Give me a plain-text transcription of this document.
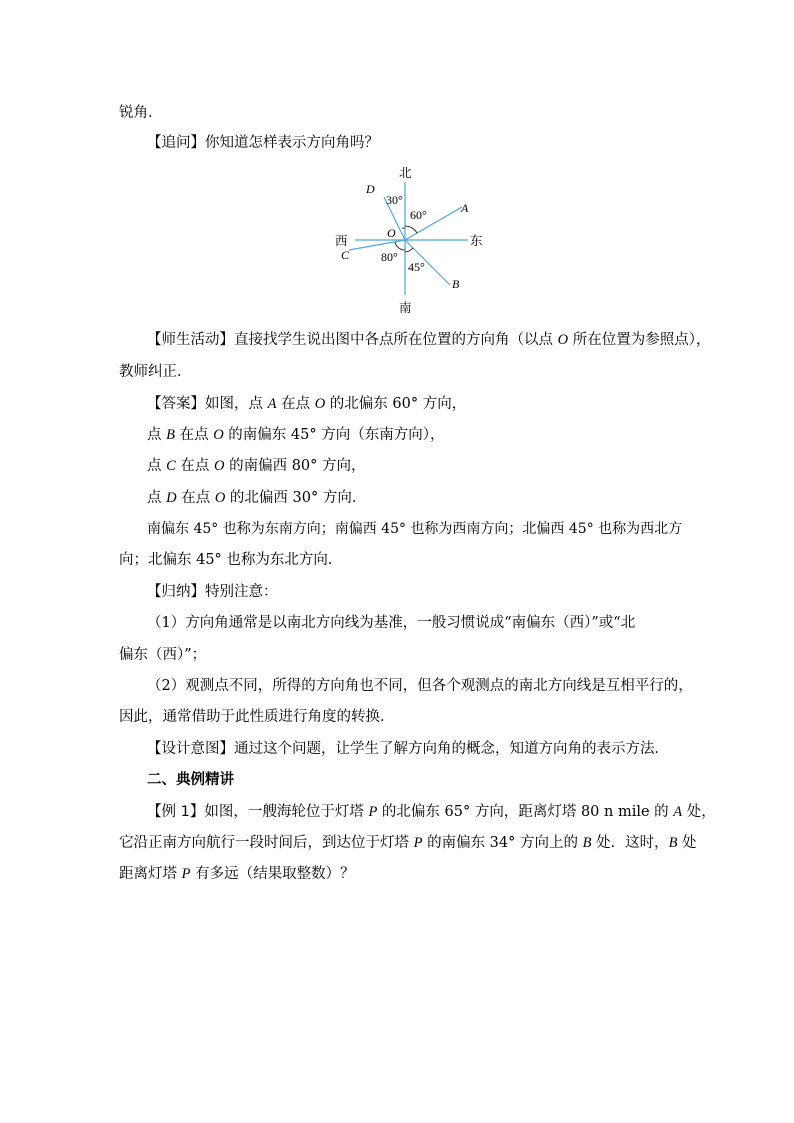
锐角．
【追问】你知道怎样表示方向角吗？
北
南
东
西	O
A
B
C
D
30°
60°
80°
45°
【师生活动】直接找学生说出图中各点所在位置的方向角（以点 O 所在位置为参照点），
教师纠正．
【答案】如图，点 A 在点 O 的北偏东 60° 方向，
点 B 在点 O 的南偏东 45° 方向（东南方向），
点 C 在点 O 的南偏西 80° 方向，
点 D 在点 O 的北偏西 30° 方向．
南偏东 45° 也称为东南方向；南偏西 45° 也称为西南方向；北偏西 45° 也称为西北方
向；北偏东 45° 也称为东北方向．
【归纳】特别注意：
（1）方向角通常是以南北方向线为基准，一般习惯说成“南偏东（西）”或“北
偏东（西）”；
（2）观测点不同，所得的方向角也不同，但各个观测点的南北方向线是互相平行的，
因此，通常借助于此性质进行角度的转换．
【设计意图】通过这个问题，让学生了解方向角的概念，知道方向角的表示方法．
二、典例精讲
【例 1】如图，一艘海轮位于灯塔 P 的北偏东 65° 方向，距离灯塔 80 n mile 的 A 处，
它沿正南方向航行一段时间后，到达位于灯塔 P 的南偏东 34° 方向上的 B 处．这时，B 处
距离灯塔 P 有多远（结果取整数）？
